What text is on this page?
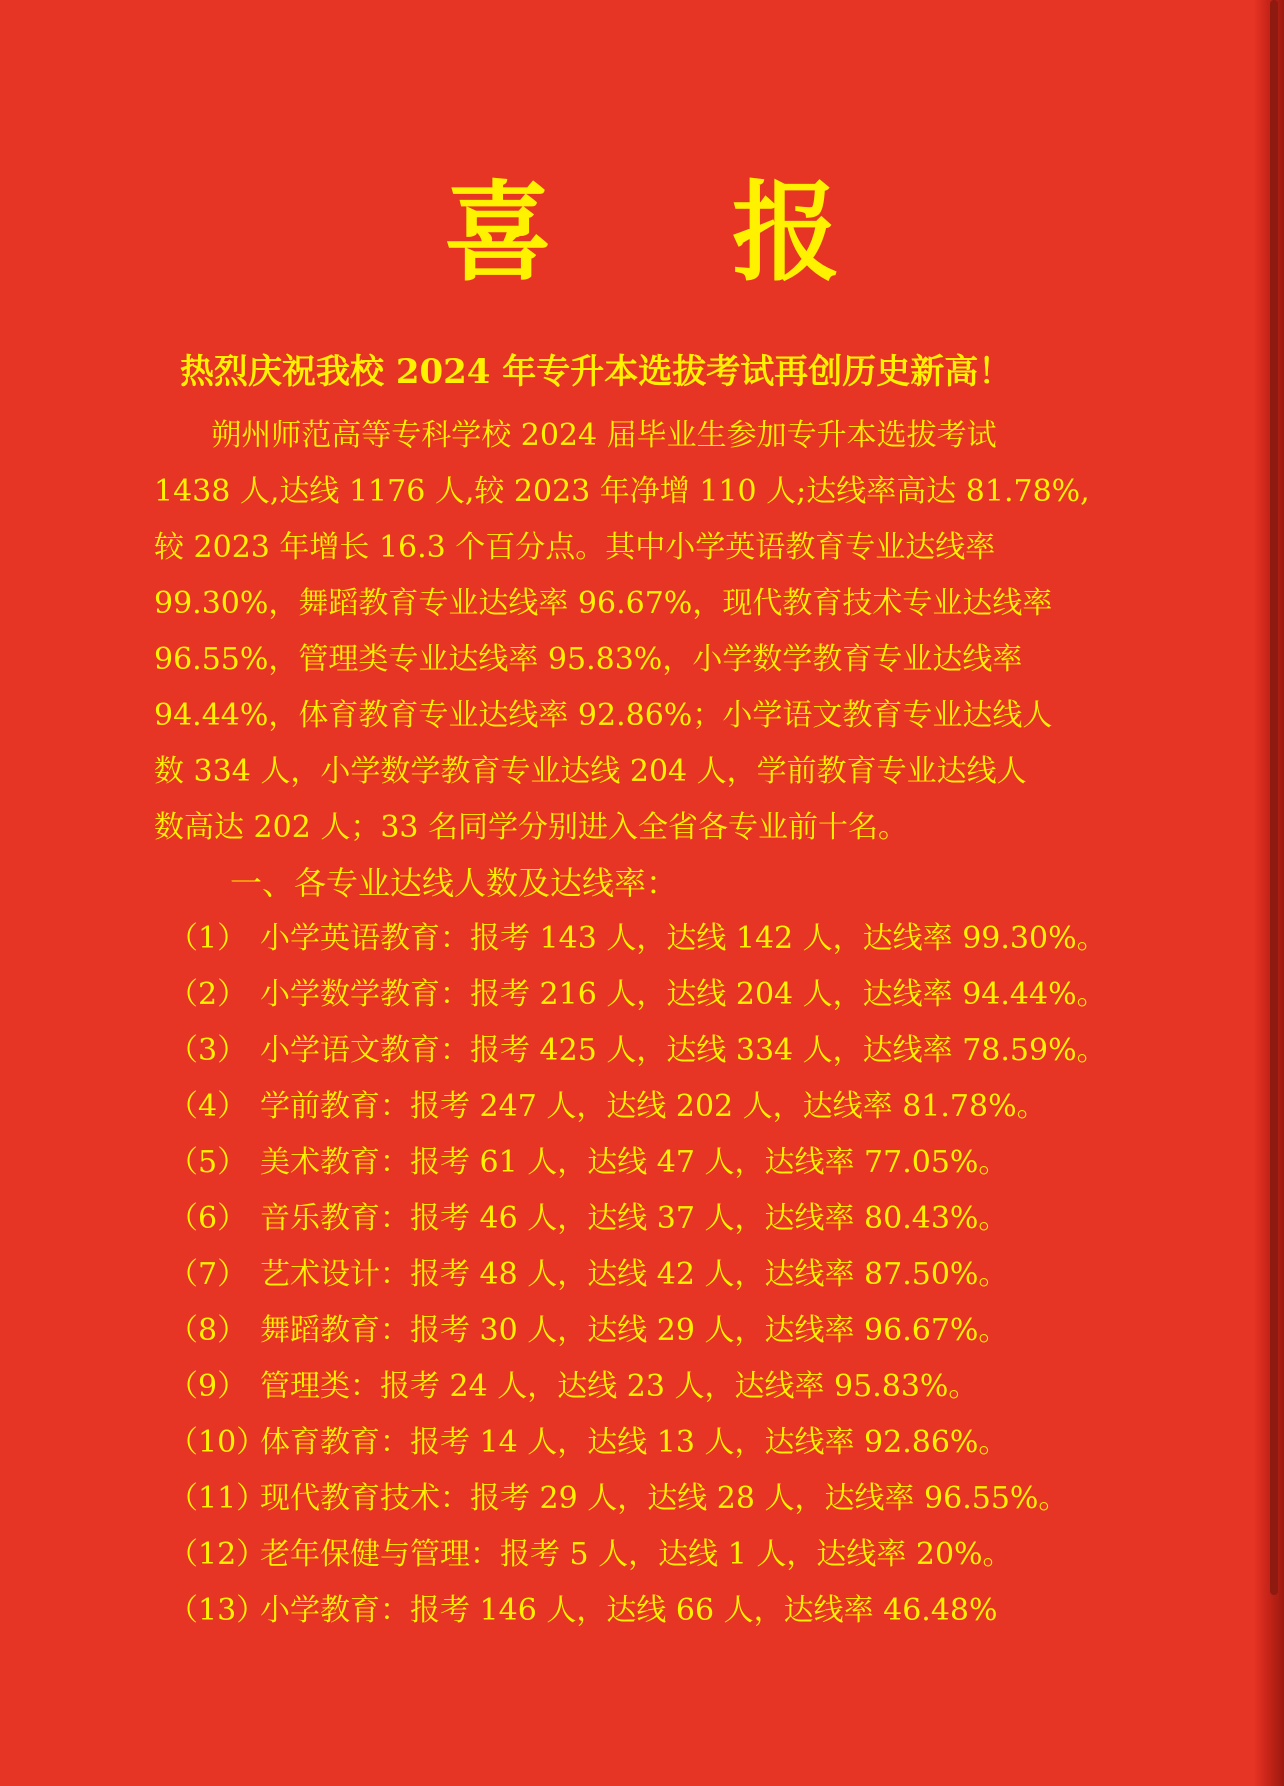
喜 报
热烈庆祝我校 2024 年专升本选拔考试再创历史新高！
朔州师范高等专科学校 2024 届毕业生参加专升本选拔考试
1438 人,达线 1176 人,较 2023 年净增 110 人;达线率高达 81.78%,
较 2023 年增长 16.3 个百分点。其中小学英语教育专业达线率
99.30%，舞蹈教育专业达线率 96.67%，现代教育技术专业达线率
96.55%，管理类专业达线率 95.83%，小学数学教育专业达线率
94.44%，体育教育专业达线率 92.86%；小学语文教育专业达线人
数 334 人，小学数学教育专业达线 204 人，学前教育专业达线人
数高达 202 人；33 名同学分别进入全省各专业前十名。
一、各专业达线人数及达线率：
（1） 小学英语教育：报考 143 人，达线 142 人，达线率 99.30%。
（2） 小学数学教育：报考 216 人，达线 204 人，达线率 94.44%。
（3） 小学语文教育：报考 425 人，达线 334 人，达线率 78.59%。
（4） 学前教育：报考 247 人，达线 202 人，达线率 81.78%。
（5） 美术教育：报考 61 人，达线 47 人，达线率 77.05%。
（6） 音乐教育：报考 46 人，达线 37 人，达线率 80.43%。
（7） 艺术设计：报考 48 人，达线 42 人，达线率 87.50%。
（8） 舞蹈教育：报考 30 人，达线 29 人，达线率 96.67%。
（9） 管理类：报考 24 人，达线 23 人，达线率 95.83%。
（10）体育教育：报考 14 人，达线 13 人，达线率 92.86%。
（11）现代教育技术：报考 29 人，达线 28 人，达线率 96.55%。
（12）老年保健与管理：报考 5 人，达线 1 人，达线率 20%。
（13）小学教育：报考 146 人，达线 66 人，达线率 46.48%
